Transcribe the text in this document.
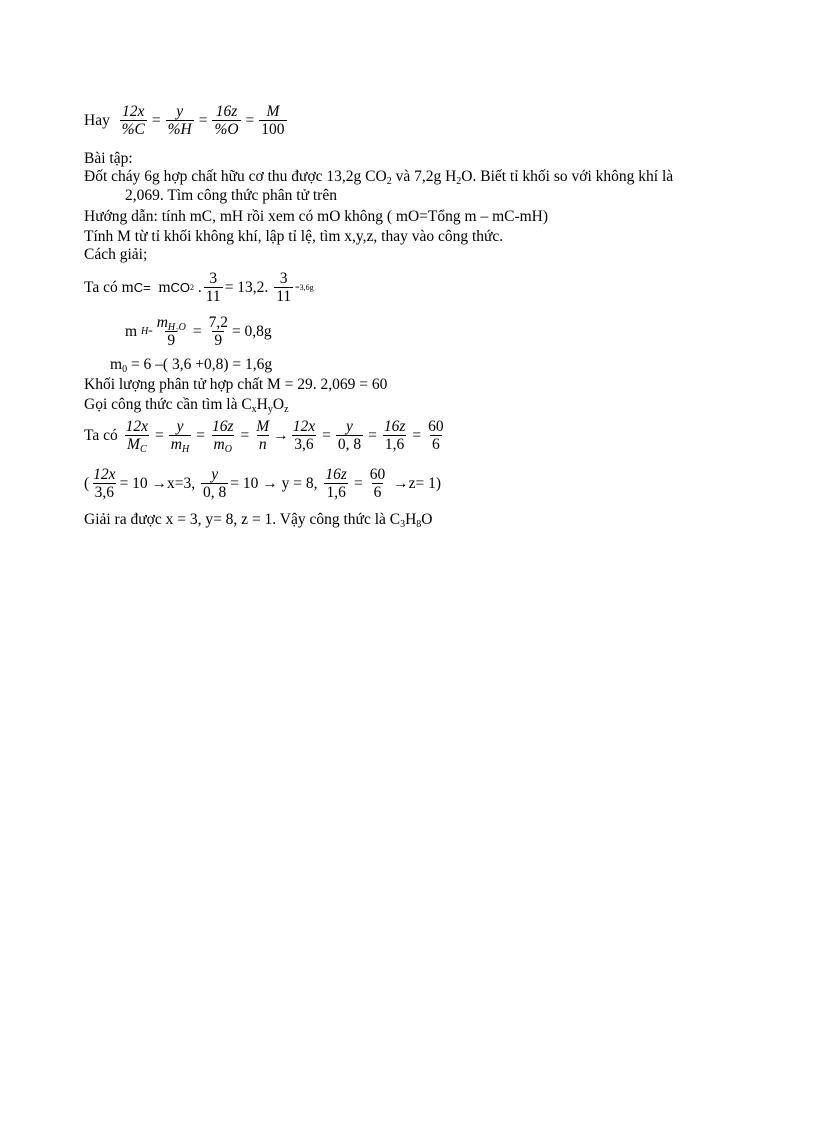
Hay
$\frac{12x}{\%C} = \frac{y}{\%H} = \frac{16z}{\%O} = \frac{M}{100}$
Bài tập:
Đốt cháy 6g hợp chất hữu cơ thu được 13,2g $CO_2$ và 7,2g $H_2O$. Biết tỉ khối so với không khí là
2,069. Tìm công thức phân tử trên
Hướng dẫn: tính mC, mH rồi xem có mO không ( mO=Tổng m – mC-mH)
Tính M từ tỉ khối không khí, lập tỉ lệ, tìm x,y,z, thay vào công thức.
Cách giải;
Ta có m C=
m CO 2 . $\frac{3}{11} = 13,2$.
$\frac{3}{11} =3,6g$
m
$H = \frac{m_{H_2O}}{9} = \frac{7,2}{9} = 0,8g$
$m_0 = 6$ –( 3,6 +0,8) = 1,6g
Khối lượng phân tử hợp chất M = 29. 2,069 = 60
Gọi công thức cần tìm là $C_xH_yO_z$
Ta có
$\frac{12x}{M_C} = \frac{y}{m_H} = \frac{16z}{m_O} = \frac{M}{n} \to \frac{12x}{3,6} = \frac{y}{0, 8} = \frac{16z}{1,6} = \frac{60}{6}$
( $\frac{12x}{3,6} = 10 \to x=3$,
$\frac{y}{0, 8} = 10 \to y = 8$,
$\frac{16z}{1,6} = \frac{60}{6}$
→z= 1)
Giải ra được x = 3, y= 8, z = 1. Vậy công thức là $C_3H_8O$
